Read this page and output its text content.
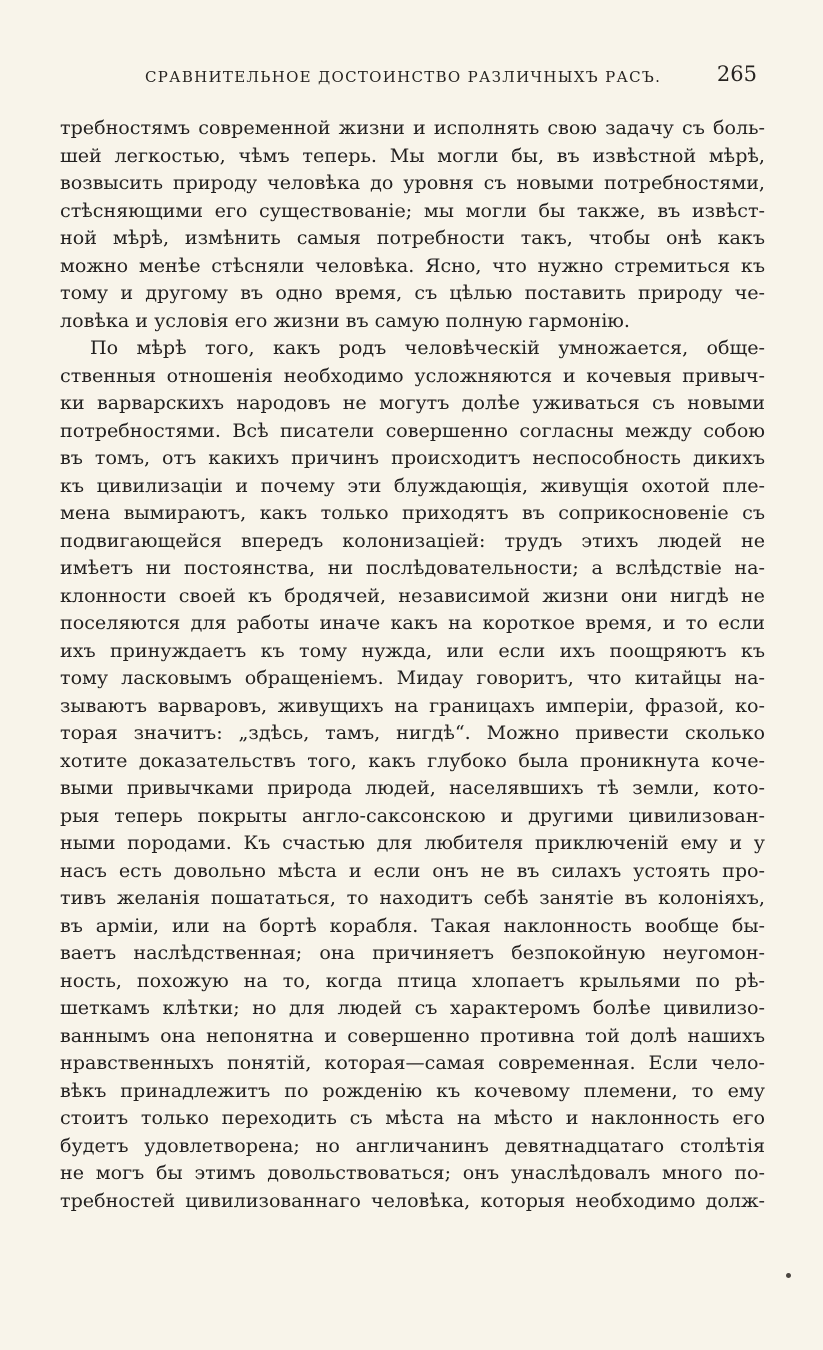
СРАВНИТЕЛЬНОЕ ДОСТОИНСТВО РАЗЛИЧНЫХЪ РАСЪ.	265
требностямъ современной жизни и исполнять свою задачу съ боль-
шей легкостью, чѣмъ теперь. Мы могли бы, въ извѣстной мѣрѣ,
возвысить природу человѣка до уровня съ новыми потребностями,
стѣсняющими его существованіе; мы могли бы также, въ извѣст-
ной мѣрѣ, измѣнить самыя потребности такъ, чтобы онѣ какъ
можно менѣе стѣсняли человѣка. Ясно, что нужно стремиться къ
тому и другому въ одно время, съ цѣлью поставить природу че-
ловѣка и условія его жизни въ самую полную гармонію.
По мѣрѣ того, какъ родъ человѣческій умножается, обще-
ственныя отношенія необходимо усложняются и кочевыя привыч-
ки варварскихъ народовъ не могутъ долѣе уживаться съ новыми
потребностями. Всѣ писатели совершенно согласны между собою
въ томъ, отъ какихъ причинъ происходитъ неспособность дикихъ
къ цивилизаціи и почему эти блуждающія, живущія охотой пле-
мена вымираютъ, какъ только приходятъ въ соприкосновеніе съ
подвигающейся впередъ колонизаціей: трудъ этихъ людей не
имѣетъ ни постоянства, ни послѣдовательности; а вслѣдствіе на-
клонности своей къ бродячей, независимой жизни они нигдѣ не
поселяются для работы иначе какъ на короткое время, и то если
ихъ принуждаетъ къ тому нужда, или если ихъ поощряютъ къ
тому ласковымъ обращеніемъ. Мидау говоритъ, что китайцы на-
зываютъ варваровъ, живущихъ на границахъ имперіи, фразой, ко-
торая значитъ: „здѣсь, тамъ, нигдѣ“. Можно привести сколько
хотите доказательствъ того, какъ глубоко была проникнута коче-
выми привычками природа людей, населявшихъ тѣ земли, кото-
рыя теперь покрыты англо-саксонскою и другими цивилизован-
ными породами. Къ счастью для любителя приключеній ему и у
насъ есть довольно мѣста и если онъ не въ силахъ устоять про-
тивъ желанія пошататься, то находитъ себѣ занятіе въ колоніяхъ,
въ арміи, или на бортѣ корабля. Такая наклонность вообще бы-
ваетъ наслѣдственная; она причиняетъ безпокойную неугомон-
ность, похожую на то, когда птица хлопаетъ крыльями по рѣ-
шеткамъ клѣтки; но для людей съ характеромъ болѣе цивилизо-
ваннымъ она непонятна и совершенно противна той долѣ нашихъ
нравственныхъ понятій, которая—самая современная. Если чело-
вѣкъ принадлежитъ по рожденію къ кочевому племени, то ему
стоитъ только переходить съ мѣста на мѣсто и наклонность его
будетъ удовлетворена; но англичанинъ девятнадцатаго столѣтія
не могъ бы этимъ довольствоваться; онъ унаслѣдовалъ много по-
требностей цивилизованнаго человѣка, которыя необходимо долж-
